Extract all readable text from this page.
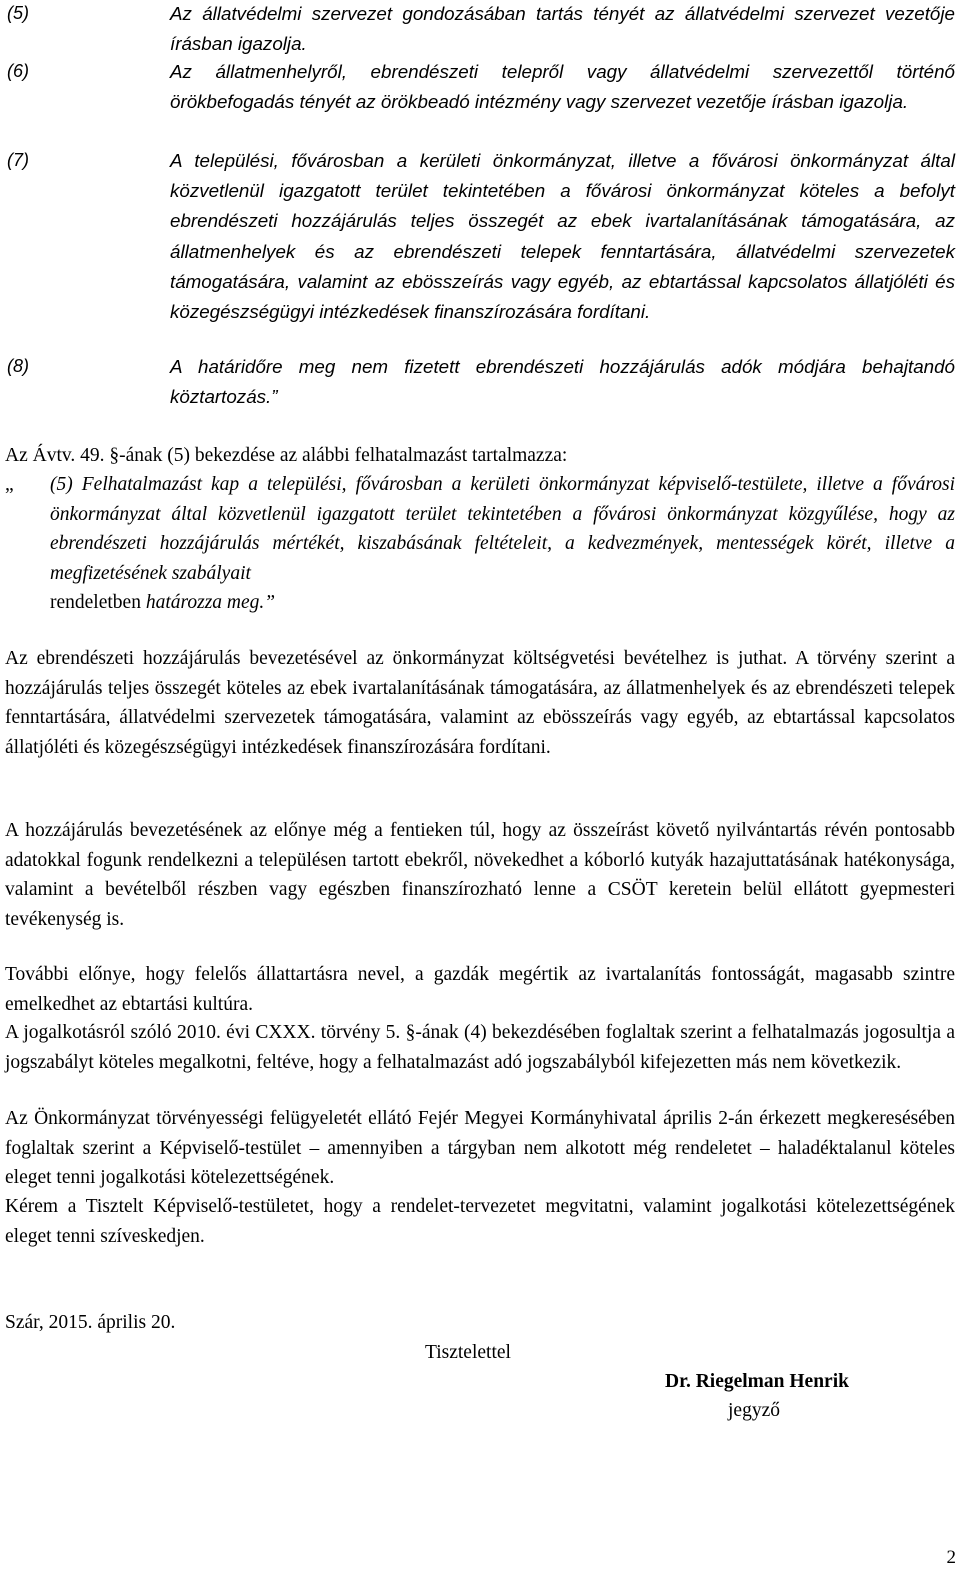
(5)	Az állatvédelmi szervezet gondozásában tartás tényét az állatvédelmi szervezet vezetője írásban igazolja.
(6)	Az állatmenhelyről, ebrendészeti telepről vagy állatvédelmi szervezettől történő örökbefogadás tényét az örökbeadó intézmény vagy szervezet vezetője írásban igazolja.
(7)	A települési, fővárosban a kerületi önkormányzat, illetve a fővárosi önkormányzat által közvetlenül igazgatott terület tekintetében a fővárosi önkormányzat köteles a befolyt ebrendészeti hozzájárulás teljes összegét az ebek ivartalanításának támogatására, az állatmenhelyek és az ebrendészeti telepek fenntartására, állatvédelmi szervezetek támogatására, valamint az ebösszeírás vagy egyéb, az ebtartással kapcsolatos állatjóléti és közegészségügyi intézkedések finanszírozására fordítani.
(8)	A határidőre meg nem fizetett ebrendészeti hozzájárulás adók módjára behajtandó köztartozás.”
Az Ávtv. 49. §-ának (5) bekezdése az alábbi felhatalmazást tartalmazza:
„ (5) Felhatalmazást kap a települési, fővárosban a kerületi önkormányzat képviselő-testülete, illetve a fővárosi önkormányzat által közvetlenül igazgatott terület tekintetében a fővárosi önkormányzat közgyűlése, hogy az ebrendészeti hozzájárulás mértékét, kiszabásának feltételeit, a kedvezmények, mentességek körét, illetve a megfizetésének szabályait
rendeletben határozza meg.”
Az ebrendészeti hozzájárulás bevezetésével az önkormányzat költségvetési bevételhez is juthat. A törvény szerint a hozzájárulás teljes összegét köteles az ebek ivartalanításának támogatására, az állatmenhelyek és az ebrendészeti telepek fenntartására, állatvédelmi szervezetek támogatására, valamint az ebösszeírás vagy egyéb, az ebtartással kapcsolatos állatjóléti és közegészségügyi intézkedések finanszírozására fordítani.
A hozzájárulás bevezetésének az előnye még a fentieken túl, hogy az összeírást követő nyilvántartás révén pontosabb adatokkal fogunk rendelkezni a településen tartott ebekről, növekedhet a kóborló kutyák hazajuttatásának hatékonysága, valamint a bevételből részben vagy egészben finanszírozható lenne a CSÖT keretein belül ellátott gyepmesteri tevékenység is.
További előnye, hogy felelős állattartásra nevel, a gazdák megértik az ivartalanítás fontosságát, magasabb szintre emelkedhet az ebtartási kultúra.
A jogalkotásról szóló 2010. évi CXXX. törvény 5. §-ának (4) bekezdésében foglaltak szerint a felhatalmazás jogosultja a jogszabályt köteles megalkotni, feltéve, hogy a felhatalmazást adó jogszabályból kifejezetten más nem következik.
Az Önkormányzat törvényességi felügyeletét ellátó Fejér Megyei Kormányhivatal április 2-án érkezett megkeresésében foglaltak szerint a Képviselő-testület – amennyiben a tárgyban nem alkotott még rendeletet – haladéktalanul köteles eleget tenni jogalkotási kötelezettségének.
Kérem a Tisztelt Képviselő-testületet, hogy a rendelet-tervezetet megvitatni, valamint jogalkotási kötelezettségének eleget tenni szíveskedjen.
Szár, 2015. április 20.
Tisztelettel
Dr. Riegelman Henrik
jegyző
2
